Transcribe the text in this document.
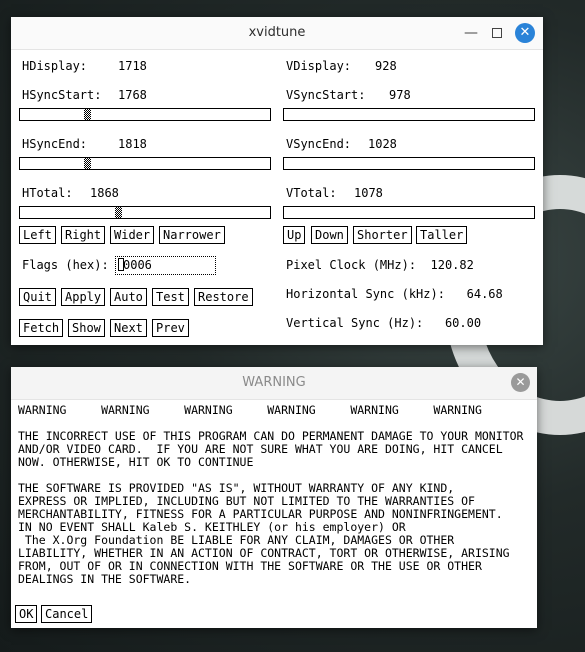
xvidtune	—	✕
HDisplay:	1718
HSyncStart: 1768
HSyncEnd:	1818
HTotal: 1868
Left	Right	Wider	Narrower
Flags (hex):	0006
Quit	Apply	Auto	Test	Restore
Fetch	Show	Next	Prev
VDisplay: 928
VSyncStart: 978
VSyncEnd: 1028
VTotal: 1078
Up	Down	Shorter	Taller
Pixel Clock (MHz):  120.82
Horizontal Sync (kHz):   64.68
Vertical Sync (Hz):   60.00
WARNING	✕
WARNING     WARNING     WARNING     WARNING     WARNING     WARNING
THE INCORRECT USE OF THIS PROGRAM CAN DO PERMANENT DAMAGE TO YOUR MONITOR
AND/OR VIDEO CARD.  IF YOU ARE NOT SURE WHAT YOU ARE DOING, HIT CANCEL
NOW. OTHERWISE, HIT OK TO CONTINUE
THE SOFTWARE IS PROVIDED "AS IS", WITHOUT WARRANTY OF ANY KIND,
EXPRESS OR IMPLIED, INCLUDING BUT NOT LIMITED TO THE WARRANTIES OF
MERCHANTABILITY, FITNESS FOR A PARTICULAR PURPOSE AND NONINFRINGEMENT.
IN NO EVENT SHALL Kaleb S. KEITHLEY (or his employer) OR
The X.Org Foundation BE LIABLE FOR ANY CLAIM, DAMAGES OR OTHER
LIABILITY, WHETHER IN AN ACTION OF CONTRACT, TORT OR OTHERWISE, ARISING
FROM, OUT OF OR IN CONNECTION WITH THE SOFTWARE OR THE USE OR OTHER
DEALINGS IN THE SOFTWARE.
OK Cancel
